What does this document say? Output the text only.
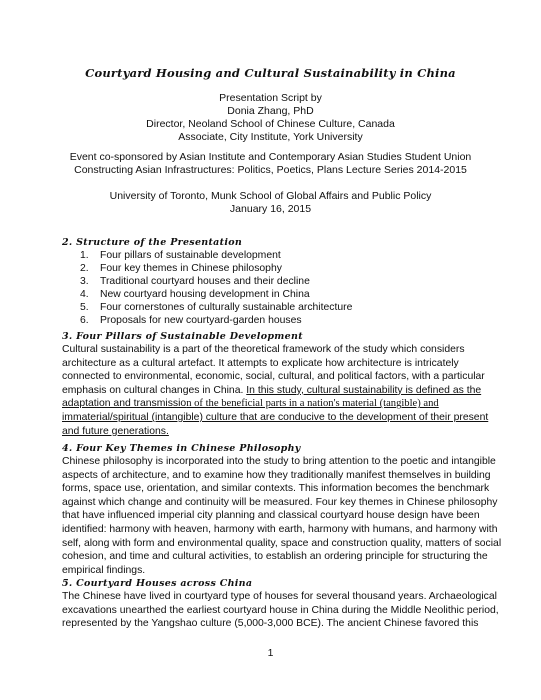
Courtyard Housing and Cultural Sustainability in China
Presentation Script by
Donia Zhang, PhD
Director, Neoland School of Chinese Culture, Canada
Associate, City Institute, York University
Event co-sponsored by Asian Institute and Contemporary Asian Studies Student Union
Constructing Asian Infrastructures: Politics, Poetics, Plans Lecture Series 2014-2015
University of Toronto, Munk School of Global Affairs and Public Policy
January 16, 2015
2. Structure of the Presentation
1.	Four pillars of sustainable development
2.	Four key themes in Chinese philosophy
3.	Traditional courtyard houses and their decline
4.	New courtyard housing development in China
5.	Four cornerstones of culturally sustainable architecture
6.	Proposals for new courtyard-garden houses
3. Four Pillars of Sustainable Development

Cultural sustainability is a part of the theoretical framework of the study which considers
architecture as a cultural artefact. It attempts to explicate how architecture is intricately
connected to environmental, economic, social, cultural, and political factors, with a particular
emphasis on cultural changes in China. In this study, cultural sustainability is defined as the
adaptation and transmission of the beneficial parts in a nation's material (tangible) and
immaterial/spiritual (intangible) culture that are conducive to the development of their present
and future generations.

4. Four Key Themes in Chinese Philosophy

Chinese philosophy is incorporated into the study to bring attention to the poetic and intangible
aspects of architecture, and to examine how they traditionally manifest themselves in building
forms, space use, orientation, and similar contexts. This information becomes the benchmark
against which change and continuity will be measured. Four key themes in Chinese philosophy
that have influenced imperial city planning and classical courtyard house design have been
identified: harmony with heaven, harmony with earth, harmony with humans, and harmony with
self, along with form and environmental quality, space and construction quality, matters of social
cohesion, and time and cultural activities, to establish an ordering principle for structuring the
empirical findings.

5. Courtyard Houses across China

The Chinese have lived in courtyard type of houses for several thousand years. Archaeological
excavations unearthed the earliest courtyard house in China during the Middle Neolithic period,
represented by the Yangshao culture (5,000-3,000 BCE). The ancient Chinese favored this

1
